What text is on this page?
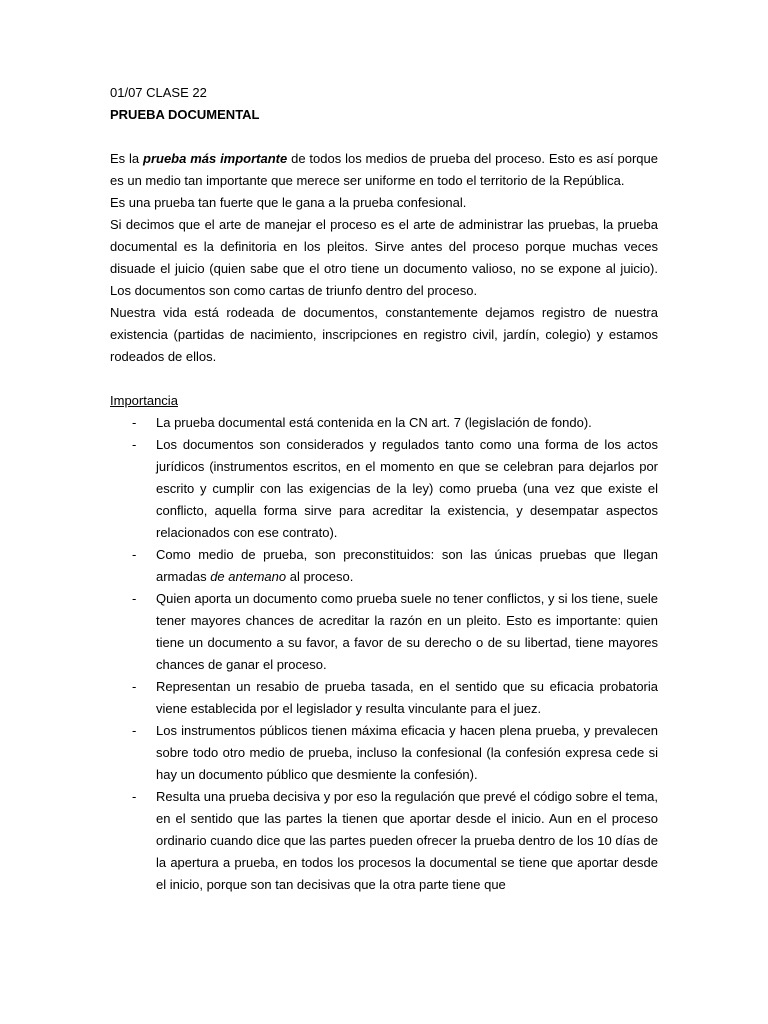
01/07 CLASE 22

PRUEBA DOCUMENTAL

Es la prueba más importante de todos los medios de prueba del proceso. Esto es así porque es un medio tan importante que merece ser uniforme en todo el territorio de la República.

Es una prueba tan fuerte que le gana a la prueba confesional.

Si decimos que el arte de manejar el proceso es el arte de administrar las pruebas, la prueba documental es la definitoria en los pleitos. Sirve antes del proceso porque muchas veces disuade el juicio (quien sabe que el otro tiene un documento valioso, no se expone al juicio). Los documentos son como cartas de triunfo dentro del proceso.

Nuestra vida está rodeada de documentos, constantemente dejamos registro de nuestra existencia (partidas de nacimiento, inscripciones en registro civil, jardín, colegio) y estamos rodeados de ellos.

Importancia

- La prueba documental está contenida en la CN art. 7 (legislación de fondo).
- Los documentos son considerados y regulados tanto como una forma de los actos jurídicos (instrumentos escritos, en el momento en que se celebran para dejarlos por escrito y cumplir con las exigencias de la ley) como prueba (una vez que existe el conflicto, aquella forma sirve para acreditar la existencia, y desempatar aspectos relacionados con ese contrato).
- Como medio de prueba, son preconstituidos: son las únicas pruebas que llegan armadas de antemano al proceso.
- Quien aporta un documento como prueba suele no tener conflictos, y si los tiene, suele tener mayores chances de acreditar la razón en un pleito. Esto es importante: quien tiene un documento a su favor, a favor de su derecho o de su libertad, tiene mayores chances de ganar el proceso.
- Representan un resabio de prueba tasada, en el sentido que su eficacia probatoria viene establecida por el legislador y resulta vinculante para el juez.
- Los instrumentos públicos tienen máxima eficacia y hacen plena prueba, y prevalecen sobre todo otro medio de prueba, incluso la confesional (la confesión expresa cede si hay un documento público que desmiente la confesión).
- Resulta una prueba decisiva y por eso la regulación que prevé el código sobre el tema, en el sentido que las partes la tienen que aportar desde el inicio. Aun en el proceso ordinario cuando dice que las partes pueden ofrecer la prueba dentro de los 10 días de la apertura a prueba, en todos los procesos la documental se tiene que aportar desde el inicio, porque son tan decisivas que la otra parte tiene que
